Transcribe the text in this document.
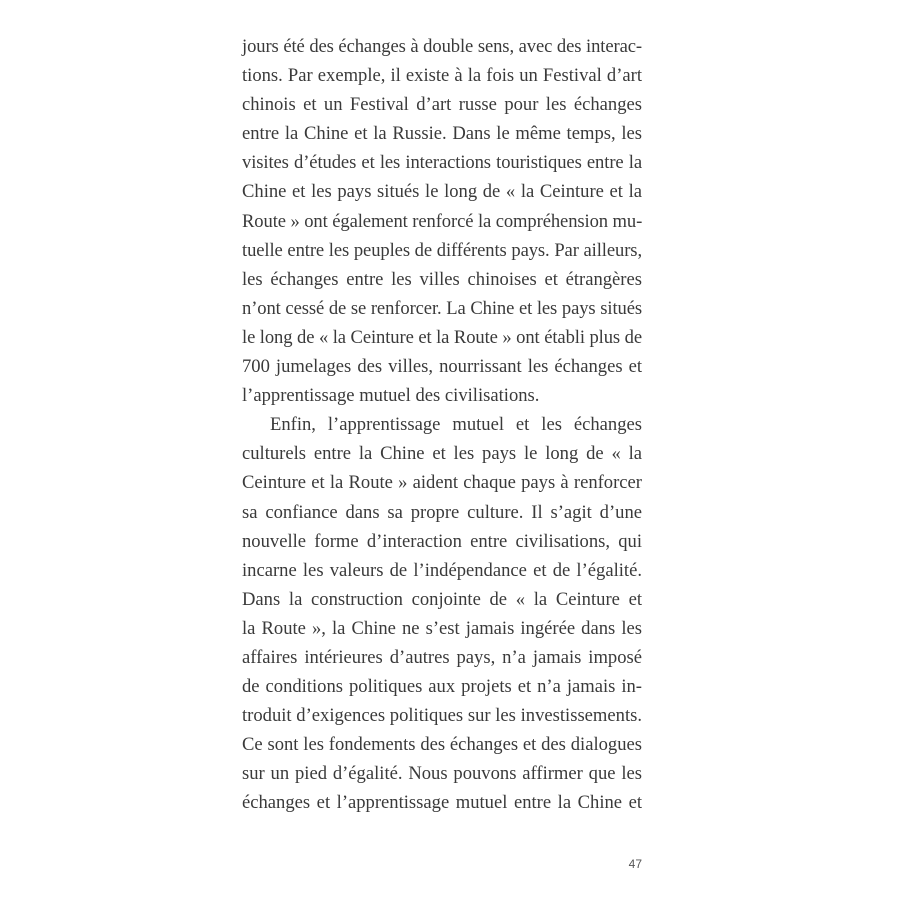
jours été des échanges à double sens, avec des interac-
tions. Par exemple, il existe à la fois un Festival d’art
chinois et un Festival d’art russe pour les échanges
entre la Chine et la Russie. Dans le même temps, les
visites d’études et les interactions touristiques entre la
Chine et les pays situés le long de « la Ceinture et la
Route » ont également renforcé la compréhension mu-
tuelle entre les peuples de différents pays. Par ailleurs,
les échanges entre les villes chinoises et étrangères
n’ont cessé de se renforcer. La Chine et les pays situés
le long de « la Ceinture et la Route » ont établi plus de
700 jumelages des villes, nourrissant les échanges et
l’apprentissage mutuel des civilisations.
Enfin, l’apprentissage mutuel et les échanges
culturels entre la Chine et les pays le long de « la
Ceinture et la Route » aident chaque pays à renforcer
sa confiance dans sa propre culture. Il s’agit d’une
nouvelle forme d’interaction entre civilisations, qui
incarne les valeurs de l’indépendance et de l’égalité.
Dans la construction conjointe de « la Ceinture et
la Route », la Chine ne s’est jamais ingérée dans les
affaires intérieures d’autres pays, n’a jamais imposé
de conditions politiques aux projets et n’a jamais in-
troduit d’exigences politiques sur les investissements.
Ce sont les fondements des échanges et des dialogues
sur un pied d’égalité. Nous pouvons affirmer que les
échanges et l’apprentissage mutuel entre la Chine et
47
